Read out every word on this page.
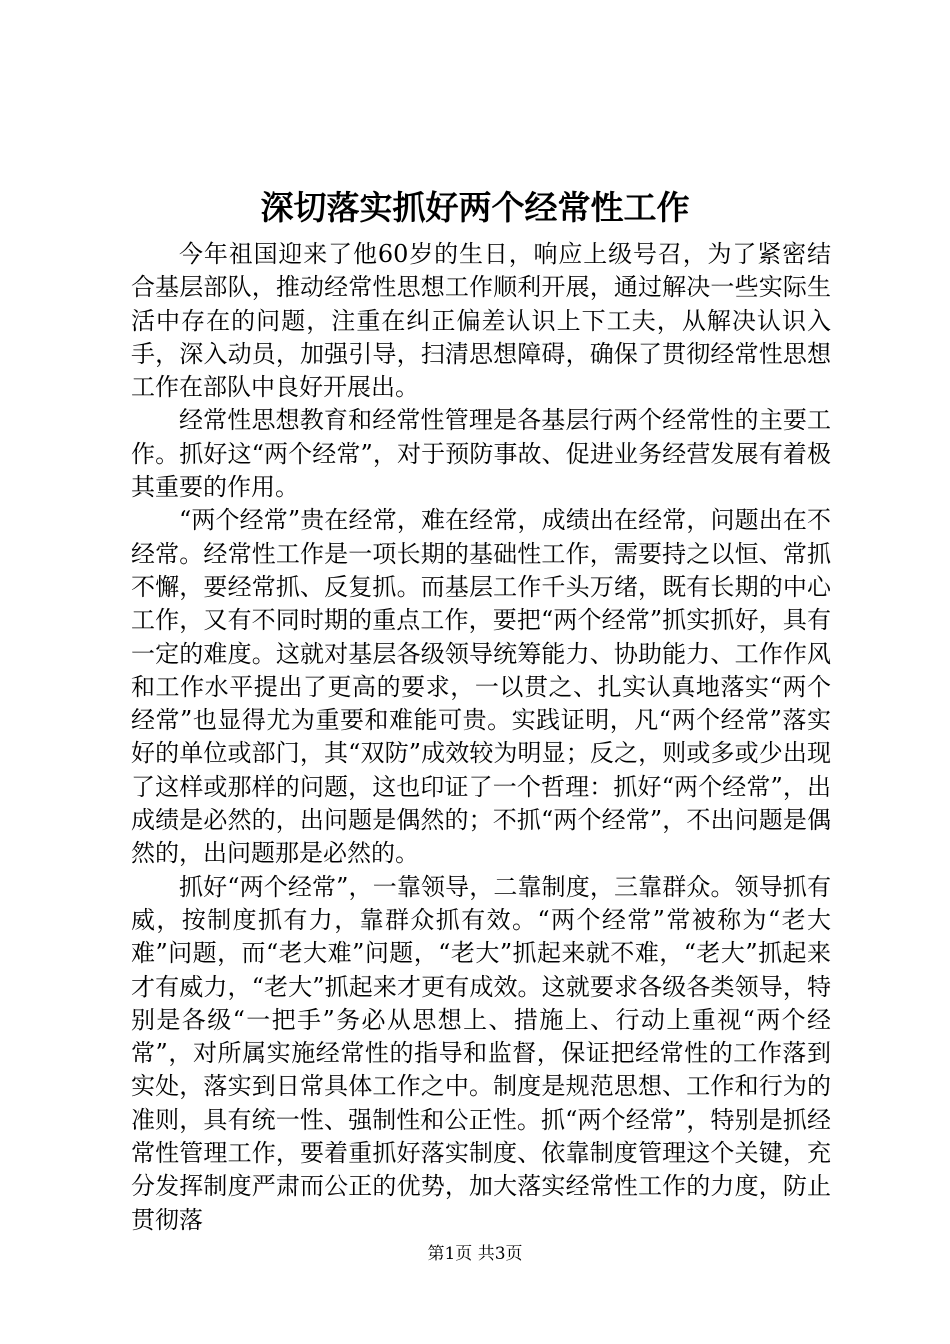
深切落实抓好两个经常性工作

今年祖国迎来了他60岁的生日，响应上级号召，为了紧密结合基层部队，推动经常性思想工作顺利开展，通过解决一些实际生活中存在的问题，注重在纠正偏差认识上下工夫，从解决认识入手，深入动员，加强引导，扫清思想障碍，确保了贯彻经常性思想工作在部队中良好开展出。

经常性思想教育和经常性管理是各基层行两个经常性的主要工作。抓好这“两个经常”，对于预防事故、促进业务经营发展有着极其重要的作用。

“两个经常”贵在经常，难在经常，成绩出在经常，问题出在不经常。经常性工作是一项长期的基础性工作，需要持之以恒、常抓不懈，要经常抓、反复抓。而基层工作千头万绪，既有长期的中心工作，又有不同时期的重点工作，要把“两个经常”抓实抓好，具有一定的难度。这就对基层各级领导统筹能力、协助能力、工作作风和工作水平提出了更高的要求，一以贯之、扎实认真地落实“两个经常”也显得尤为重要和难能可贵。实践证明，凡“两个经常”落实好的单位或部门，其“双防”成效较为明显；反之，则或多或少出现了这样或那样的问题，这也印证了一个哲理：抓好“两个经常”，出成绩是必然的，出问题是偶然的；不抓“两个经常”，不出问题是偶然的，出问题那是必然的。

抓好“两个经常”，一靠领导，二靠制度，三靠群众。领导抓有威，按制度抓有力，靠群众抓有效。“两个经常”常被称为“老大难”问题，而“老大难”问题，“老大”抓起来就不难，“老大”抓起来才有威力，“老大”抓起来才更有成效。这就要求各级各类领导，特别是各级“一把手”务必从思想上、措施上、行动上重视“两个经常”，对所属实施经常性的指导和监督，保证把经常性的工作落到实处，落实到日常具体工作之中。制度是规范思想、工作和行为的准则，具有统一性、强制性和公正性。抓“两个经常”，特别是抓经常性管理工作，要着重抓好落实制度、依靠制度管理这个关键，充分发挥制度严肃而公正的优势，加大落实经常性工作的力度，防止贯彻落

第1页 共3页
